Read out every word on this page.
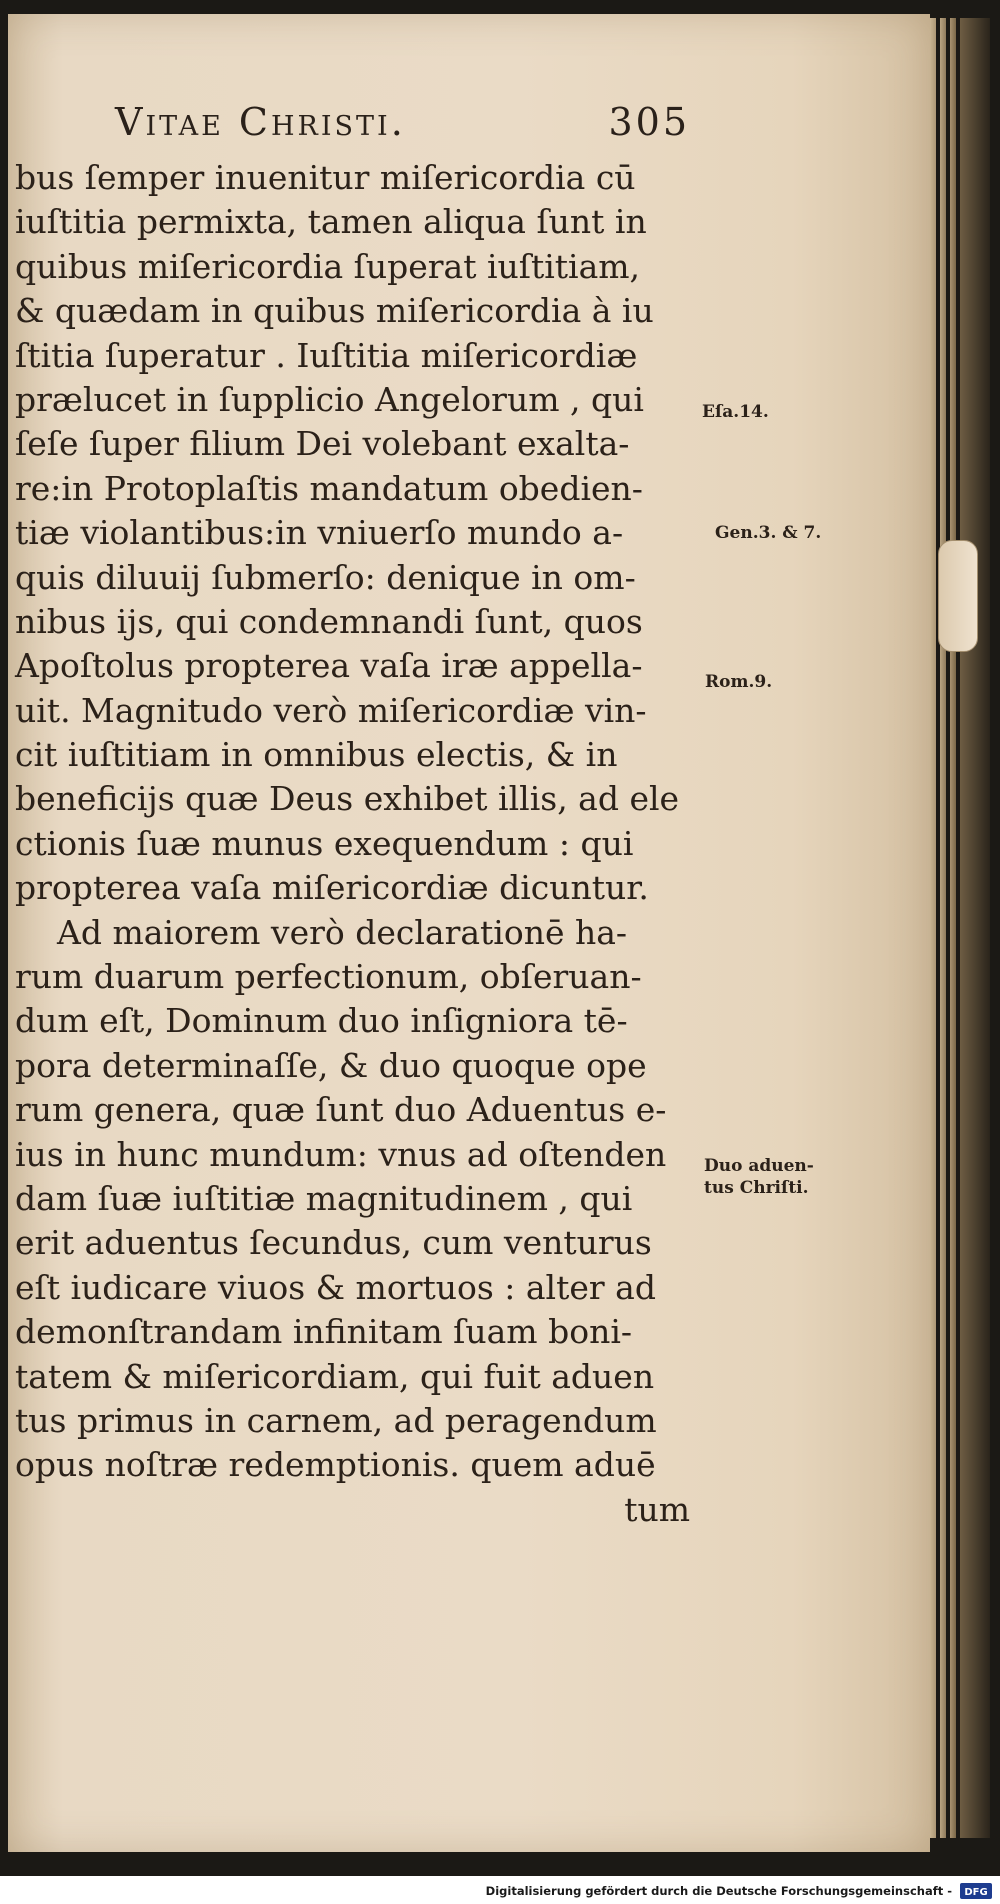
Vitae Christi.	305
bus ſemper inuenitur miſericordia cū
iuſtitia permixta, tamen aliqua ſunt in
quibus miſericordia ſuperat iuſtitiam,
& quædam in quibus miſericordia à iu
ſtitia ſuperatur . Iuſtitia miſericordiæ
prælucet in ſupplicio Angelorum , qui
ſeſe ſuper filium Dei volebant exalta-
re:in Protoplaſtis mandatum obedien-
tiæ violantibus:in vniuerſo mundo a-
quis diluuij ſubmerſo: denique in om-
nibus ijs, qui condemnandi ſunt, quos
Apoſtolus propterea vaſa iræ appella-
uit. Magnitudo verò miſericordiæ vin-
cit iuſtitiam in omnibus electis, & in
beneficijs quæ Deus exhibet illis, ad ele
ctionis ſuæ munus exequendum : qui
propterea vaſa miſericordiæ dicuntur.
Ad maiorem verò declarationē ha-
rum duarum perfectionum, obſeruan-
dum eſt, Dominum duo inſigniora tē-
pora determinaſſe, & duo quoque ope
rum genera, quæ ſunt duo Aduentus e-
ius in hunc mundum: vnus ad oſtenden
dam ſuæ iuſtitiæ magnitudinem , qui
erit aduentus ſecundus, cum venturus
eſt iudicare viuos & mortuos : alter ad
demonſtrandam infinitam ſuam boni-
tatem & miſericordiam, qui fuit aduen
tus primus in carnem, ad peragendum
opus noſtræ redemptionis. quem aduē
tum
Eſa.14.
Gen.3. & 7.
Rom.9.
Duo aduen-
tus Chriſti.
Digitalisierung gefördert durch die Deutsche Forschungsgemeinschaft - DFG
